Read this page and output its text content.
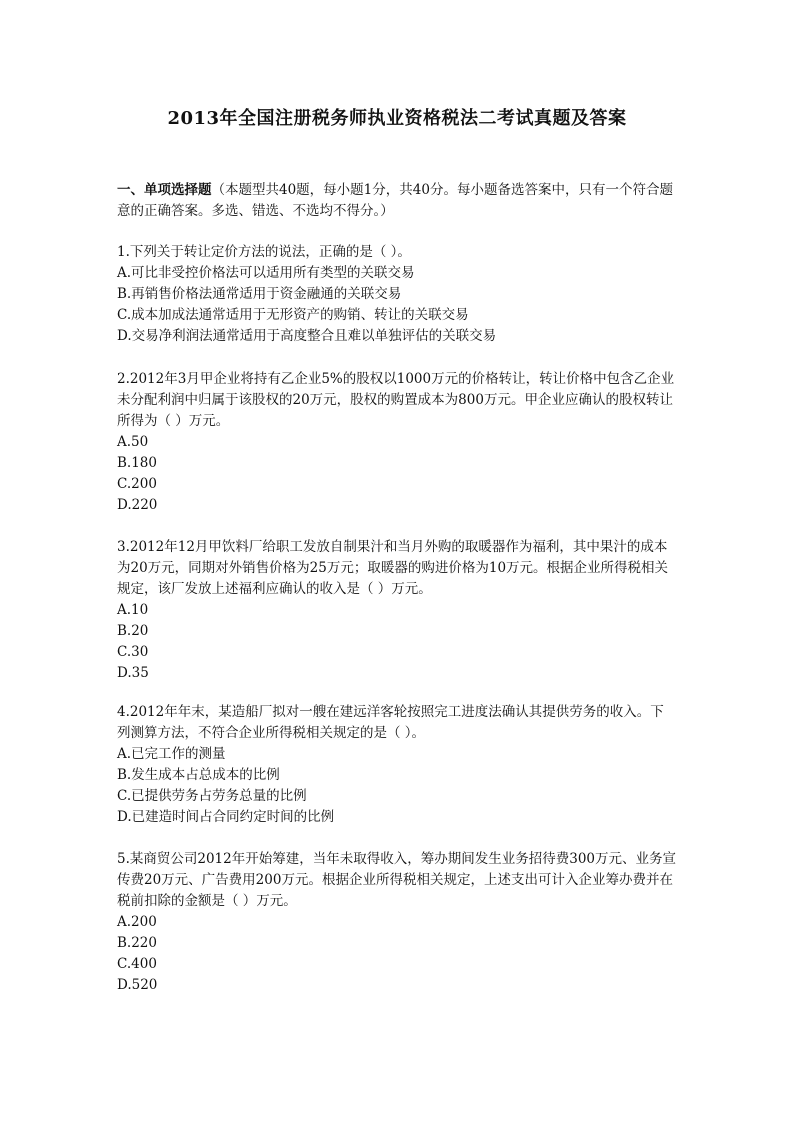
2013年全国注册税务师执业资格税法二考试真题及答案
一、单项选择题（本题型共40题，每小题1分，共40分。每小题备选答案中，只有一个符合题意的正确答案。多选、错选、不选均不得分。）
1.下列关于转让定价方法的说法，正确的是（ ）。
A.可比非受控价格法可以适用所有类型的关联交易
B.再销售价格法通常适用于资金融通的关联交易
C.成本加成法通常适用于无形资产的购销、转让的关联交易
D.交易净利润法通常适用于高度整合且难以单独评估的关联交易
2.2012年3月甲企业将持有乙企业5%的股权以1000万元的价格转让，转让价格中包含乙企业未分配利润中归属于该股权的20万元，股权的购置成本为800万元。甲企业应确认的股权转让所得为（ ）万元。
A.50
B.180
C.200
D.220
3.2012年12月甲饮料厂给职工发放自制果汁和当月外购的取暖器作为福利，其中果汁的成本为20万元，同期对外销售价格为25万元；取暖器的购进价格为10万元。根据企业所得税相关规定，该厂发放上述福利应确认的收入是（ ）万元。
A.10
B.20
C.30
D.35
4.2012年年末，某造船厂拟对一艘在建远洋客轮按照完工进度法确认其提供劳务的收入。下列测算方法，不符合企业所得税相关规定的是（ ）。
A.已完工作的测量
B.发生成本占总成本的比例
C.已提供劳务占劳务总量的比例
D.已建造时间占合同约定时间的比例
5.某商贸公司2012年开始筹建，当年未取得收入，筹办期间发生业务招待费300万元、业务宣传费20万元、广告费用200万元。根据企业所得税相关规定，上述支出可计入企业筹办费并在税前扣除的金额是（ ）万元。
A.200
B.220
C.400
D.520
